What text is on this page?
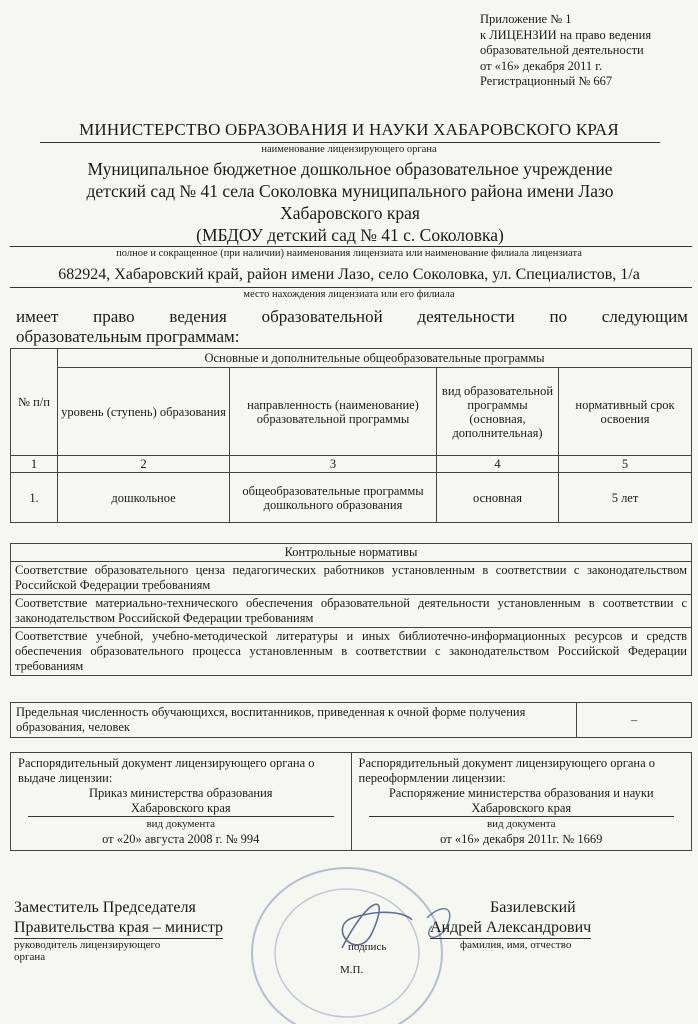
Приложение № 1
к ЛИЦЕНЗИИ на право ведения
образовательной деятельности
от «16» декабря 2011 г.
Регистрационный № 667
МИНИСТЕРСТВО ОБРАЗОВАНИЯ И НАУКИ ХАБАРОВСКОГО КРАЯ
наименование лицензирующего органа
Муниципальное бюджетное дошкольное образовательное учреждение
детский сад № 41 села Соколовка муниципального района имени Лазо
Хабаровского края
(МБДОУ детский сад № 41 с. Соколовка)
полное и сокращенное (при наличии) наименования лицензиата или наименование филиала лицензиата
682924, Хабаровский край, район имени Лазо, село Соколовка, ул. Специалистов, 1/а
место нахождения лицензиата или его филиала
имеет право ведения образовательной деятельности по следующим
образовательным программам:
№ п/п	Основные и дополнительные общеобразовательные программы			
	уровень (ступень) образования	направленность (наименование) образовательной программы	вид образовательной программы (основная, дополнительная)	нормативный срок освоения
1	2	3	4	5
1.	дошкольное	общеобразовательные программы дошкольного образования	основная	5 лет
Контрольные нормативы
Соответствие образовательного ценза педагогических работников установленным в соответствии с законодательством Российской Федерации требованиям
Соответствие материально-технического обеспечения образовательной деятельности установленным в соответствии с законодательством Российской Федерации требованиям
Соответствие учебной, учебно-методической литературы и иных библиотечно-информационных ресурсов и средств обеспечения образовательного процесса установленным в соответствии с законодательством Российской Федерации требованиям
Предельная численность обучающихся, воспитанников, приведенная к очной форме получения образования, человек	–
Распорядительный документ лицензирующего органа о выдаче лицензии:
Приказ министерства образования
Хабаровского края
вид документа
от «20» августа 2008 г. № 994

Распорядительный документ лицензирующего органа о переоформлении лицензии:
Распоряжение министерства образования и науки
Хабаровского края
вид документа
от «16» декабря 2011г. № 1669
Заместитель Председателя
Правительства края – министр
руководитель лицензирующего
органа
подпись
М.П.
Базилевский
Андрей Александрович
фамилия, имя, отчество
